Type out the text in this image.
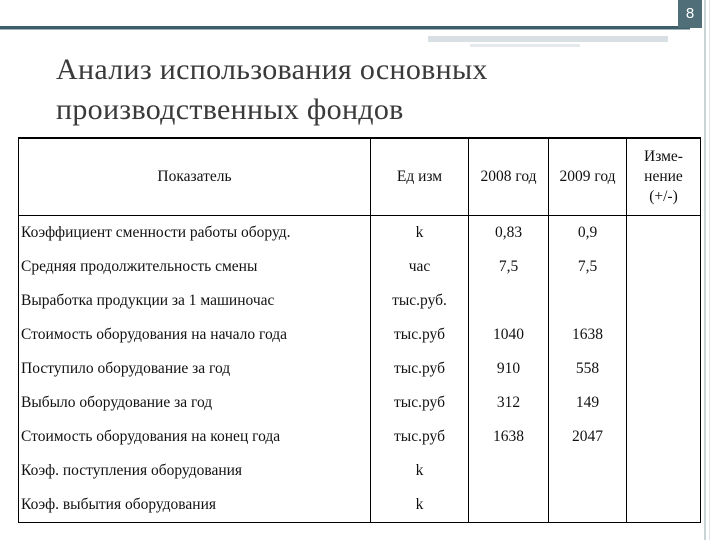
8
Анализ использования основных
производственных фондов
Показатель	Ед изм	2008 год	2009 год	Изме-
нение
(+/-)

Коэффициент сменности работы оборуд.	k	0,83	0,9	
Средняя продолжительность смены	час	7,5	7,5	
Выработка продукции за 1 машиночас	тыс.руб.			
Стоимость оборудования на начало года	тыс.руб	1040	1638	
Поступило оборудование за год	тыс.руб	910	558	
Выбыло оборудование за год	тыс.руб	312	149	
Стоимость оборудования на конец года	тыс.руб	1638	2047	
Коэф. поступления оборудования	k			
Коэф. выбытия оборудования	k			
